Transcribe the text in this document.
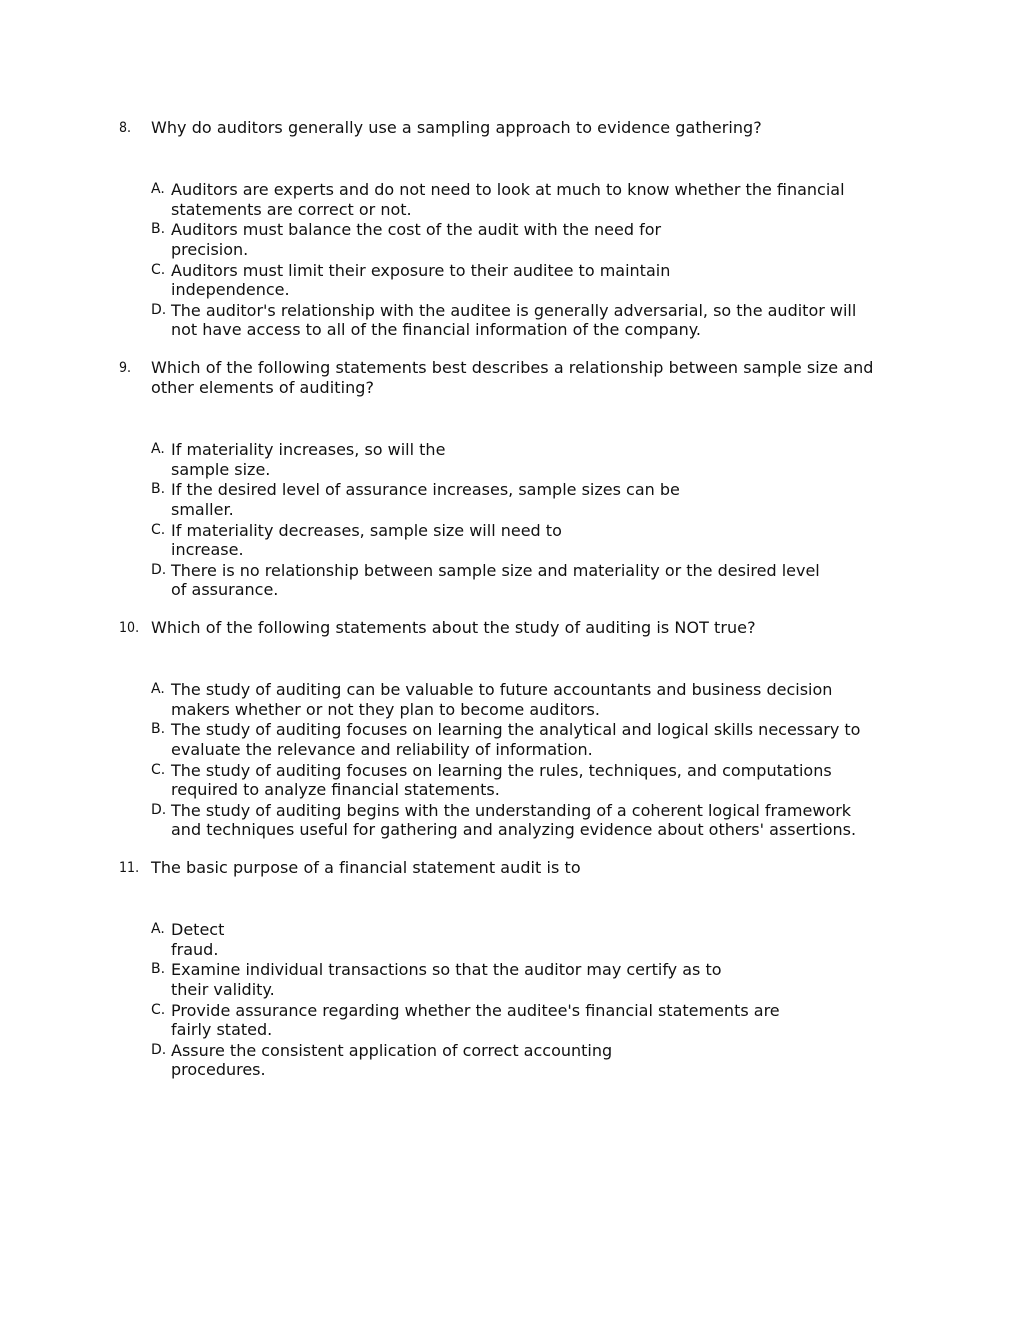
8.	Why do auditors generally use a sampling approach to evidence gathering?
A. Auditors are experts and do not need to look at much to know whether the financial
statements are correct or not.
B. Auditors must balance the cost of the audit with the need for
precision.
C. Auditors must limit their exposure to their auditee to maintain
independence.
D. The auditor's relationship with the auditee is generally adversarial, so the auditor will
not have access to all of the financial information of the company.
9.	Which of the following statements best describes a relationship between sample size and other elements of auditing?
A. If materiality increases, so will the
sample size.
B. If the desired level of assurance increases, sample sizes can be
smaller.
C. If materiality decreases, sample size will need to
increase.
D. There is no relationship between sample size and materiality or the desired level
of assurance.
10. Which of the following statements about the study of auditing is NOT true?
A. The study of auditing can be valuable to future accountants and business decision
makers whether or not they plan to become auditors.
B. The study of auditing focuses on learning the analytical and logical skills necessary to
evaluate the relevance and reliability of information.
C. The study of auditing focuses on learning the rules, techniques, and computations
required to analyze financial statements.
D. The study of auditing begins with the understanding of a coherent logical framework
and techniques useful for gathering and analyzing evidence about others' assertions.
11. The basic purpose of a financial statement audit is to
A. Detect
fraud.
B. Examine individual transactions so that the auditor may certify as to
their validity.
C. Provide assurance regarding whether the auditee's financial statements are
fairly stated.
D. Assure the consistent application of correct accounting
procedures.
